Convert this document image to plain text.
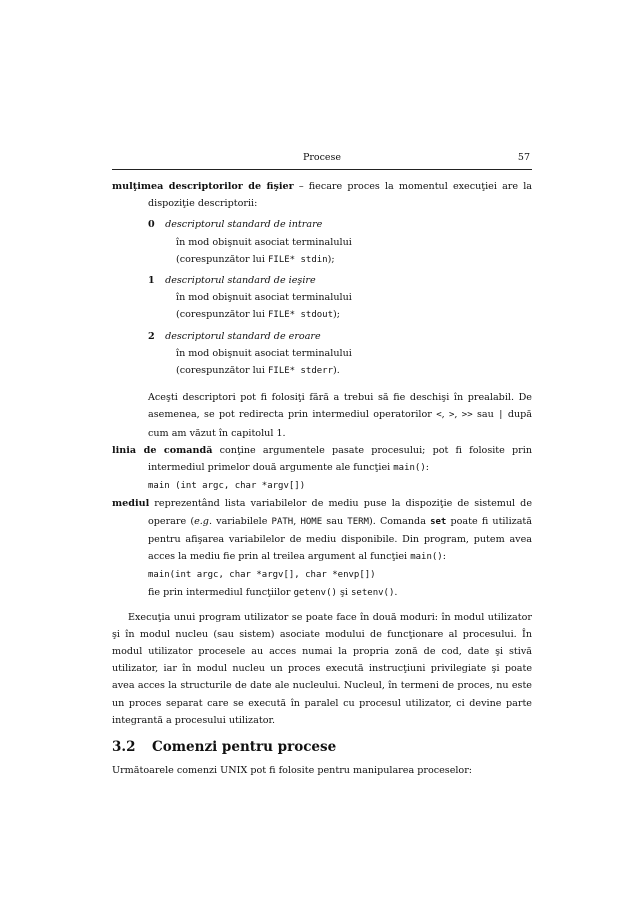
Procese	57

mulţimea descriptorilor de fişier – fiecare proces la momentul execuţiei are la dispoziţie descriptorii:

0 descriptorul standard de intrare
în mod obişnuit asociat terminalului
(corespunzător lui FILE* stdin);
1 descriptorul standard de ieşire
în mod obişnuit asociat terminalului
(corespunzător lui FILE* stdout);
2 descriptorul standard de eroare
în mod obişnuit asociat terminalului
(corespunzător lui FILE* stderr).

Aceşti descriptori pot fi folosiţi fără a trebui să fie deschişi în prealabil. De asemenea, se pot redirecta prin intermediul operatorilor <, >, >> sau | după cum am văzut în capitolul 1.

linia de comandă conţine argumentele pasate procesului; pot fi folosite prin intermediul primelor două argumente ale funcţiei main():

main (int argc, char *argv[])

mediul reprezentând lista variabilelor de mediu puse la dispoziţie de sistemul de operare (e.g. variabilele PATH, HOME sau TERM). Comanda set poate fi utilizată pentru afişarea variabilelor de mediu disponibile. Din program, putem avea acces la mediu fie prin al treilea argument al funcţiei main():

main(int argc, char *argv[], char *envp[])

fie prin intermediul funcţiilor getenv() şi setenv().

Execuţia unui program utilizator se poate face în două moduri: în modul utilizator şi în modul nucleu (sau sistem) asociate modului de funcţionare al procesului. În modul utilizator procesele au acces numai la propria zonă de cod, date şi stivă utilizator, iar în modul nucleu un proces execută instrucţiuni privilegiate şi poate avea acces la structurile de date ale nucleului. Nucleul, în termeni de proces, nu este un proces separat care se execută în paralel cu procesul utilizator, ci devine parte integrantă a procesului utilizator.

3.2 Comenzi pentru procese

Următoarele comenzi UNIX pot fi folosite pentru manipularea proceselor:
